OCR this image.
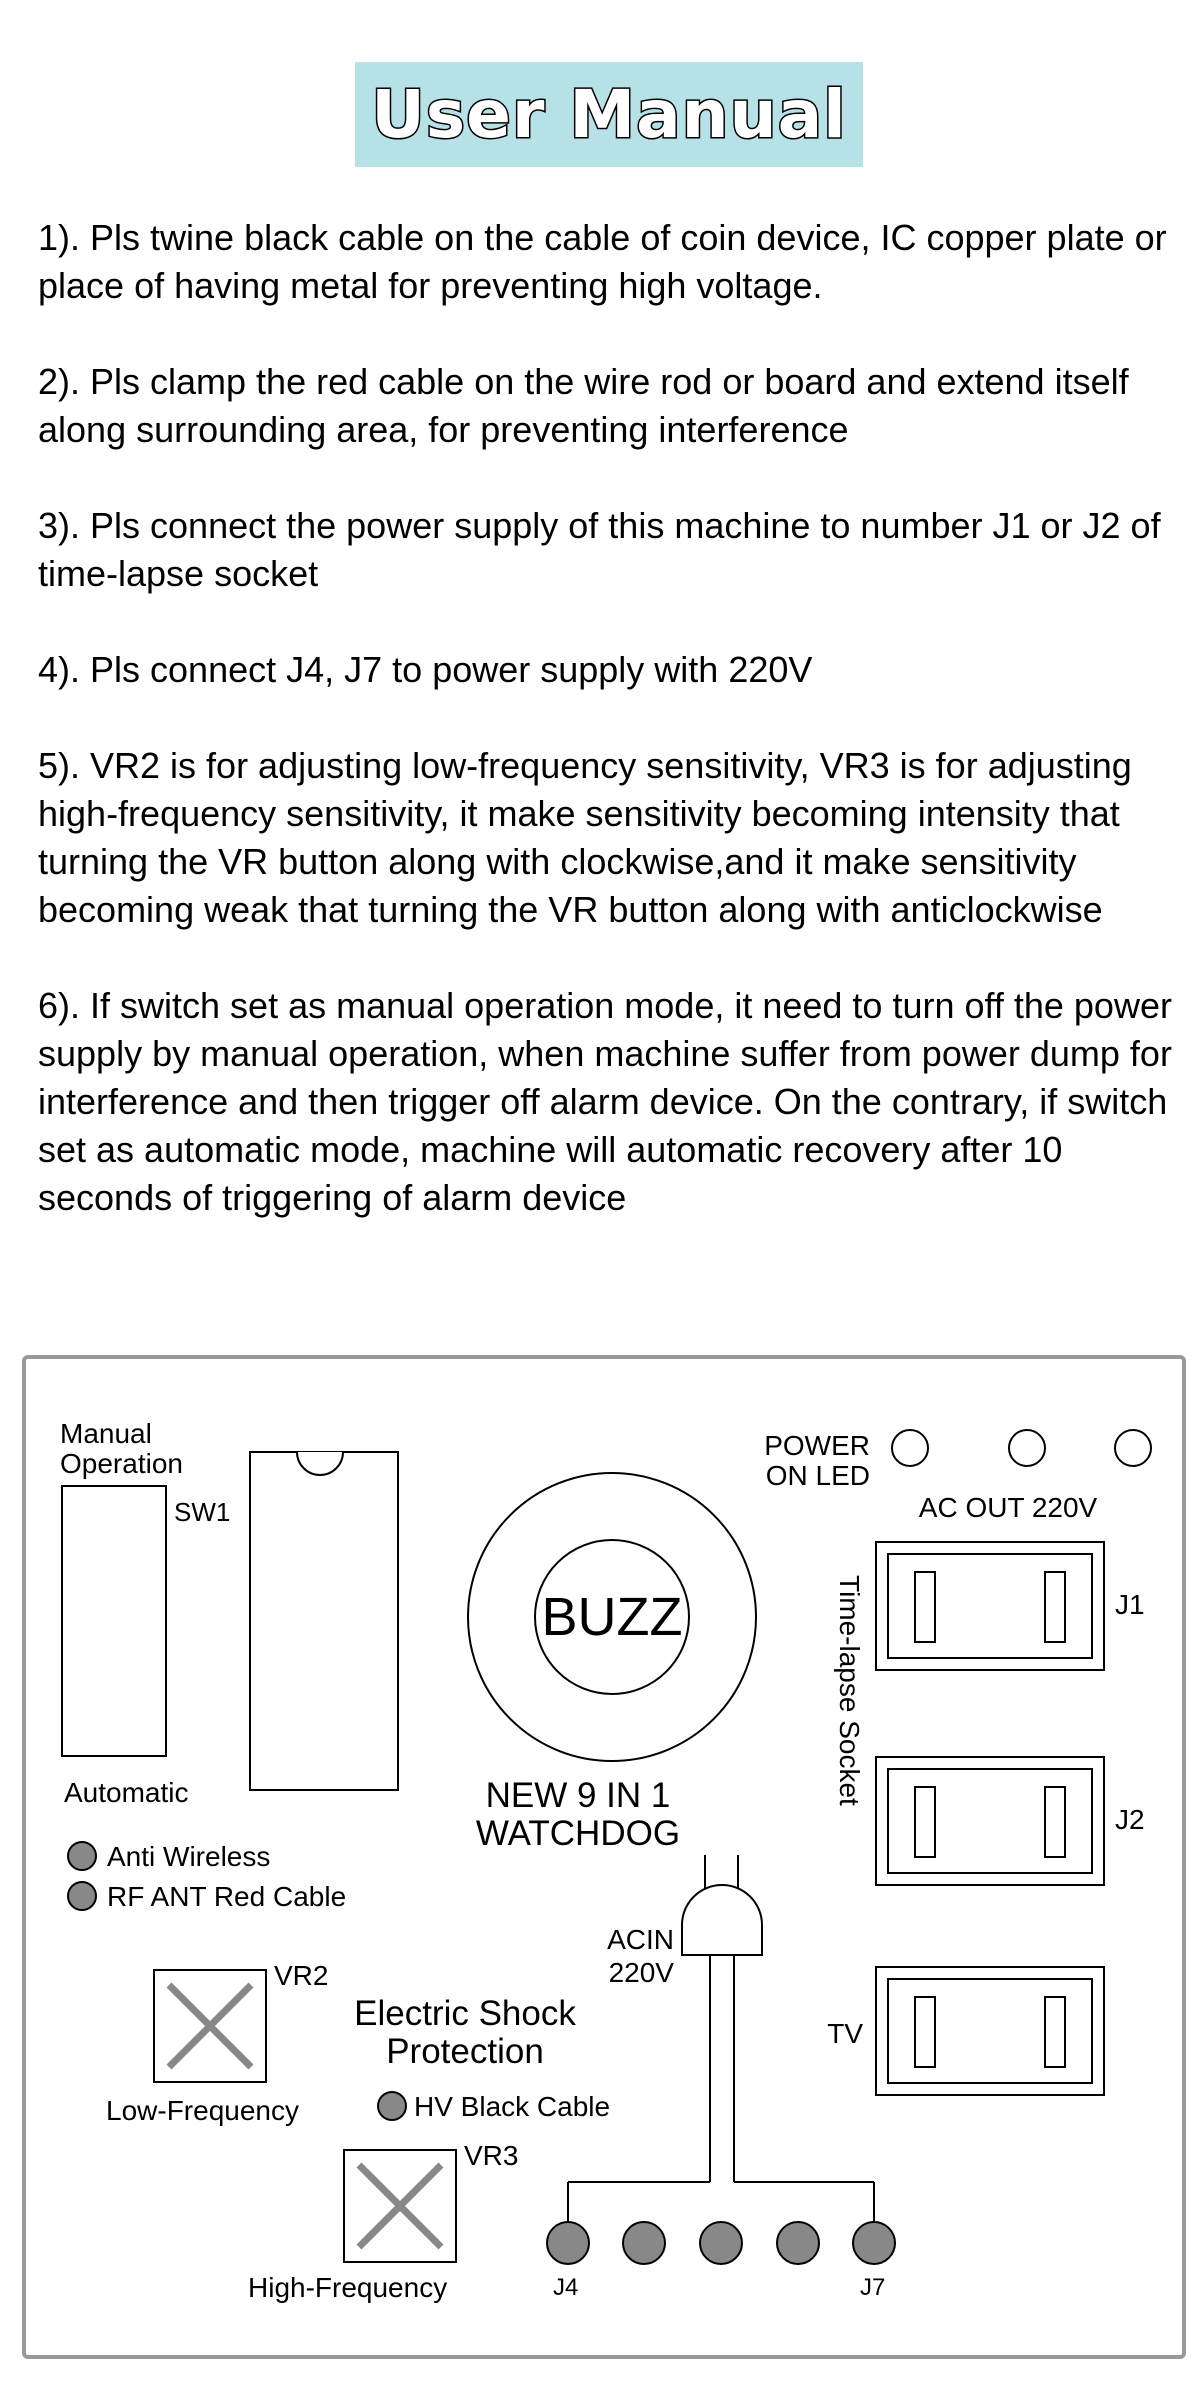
User Manual

1). Pls twine black cable on the cable of coin device, IC copper plate or place of having metal for preventing high voltage.

2). Pls clamp the red cable on the wire rod or board and extend itself  along surrounding area, for preventing interference

3). Pls connect the power supply of this machine to number J1 or J2 of time-lapse socket

4). Pls connect J4, J7 to power supply with 220V

5). VR2 is for adjusting low-frequency sensitivity, VR3 is for adjusting high-frequency sensitivity, it make sensitivity becoming intensity that turning the VR button along with clockwise,and it make sensitivity becoming weak that turning the VR button along with anticlockwise

6). If switch set as manual operation mode, it need to turn off the power supply by manual operation, when machine suffer from power dump for interference and then trigger off alarm device. On the contrary, if switch set as automatic mode, machine will automatic recovery after 10 seconds of triggering of alarm device

Manual
Operation
SW1
Automatic
Anti Wireless
RF ANT Red Cable
VR2
Low-Frequency
Electric Shock
Protection
HV Black Cable
VR3
High-Frequency
BUZZ
NEW 9 IN 1
WATCHDOG
ACIN
220V
J4	J7
POWER
ON LED
AC OUT 220V
Time-lapse Socket	J1
J2
TV
